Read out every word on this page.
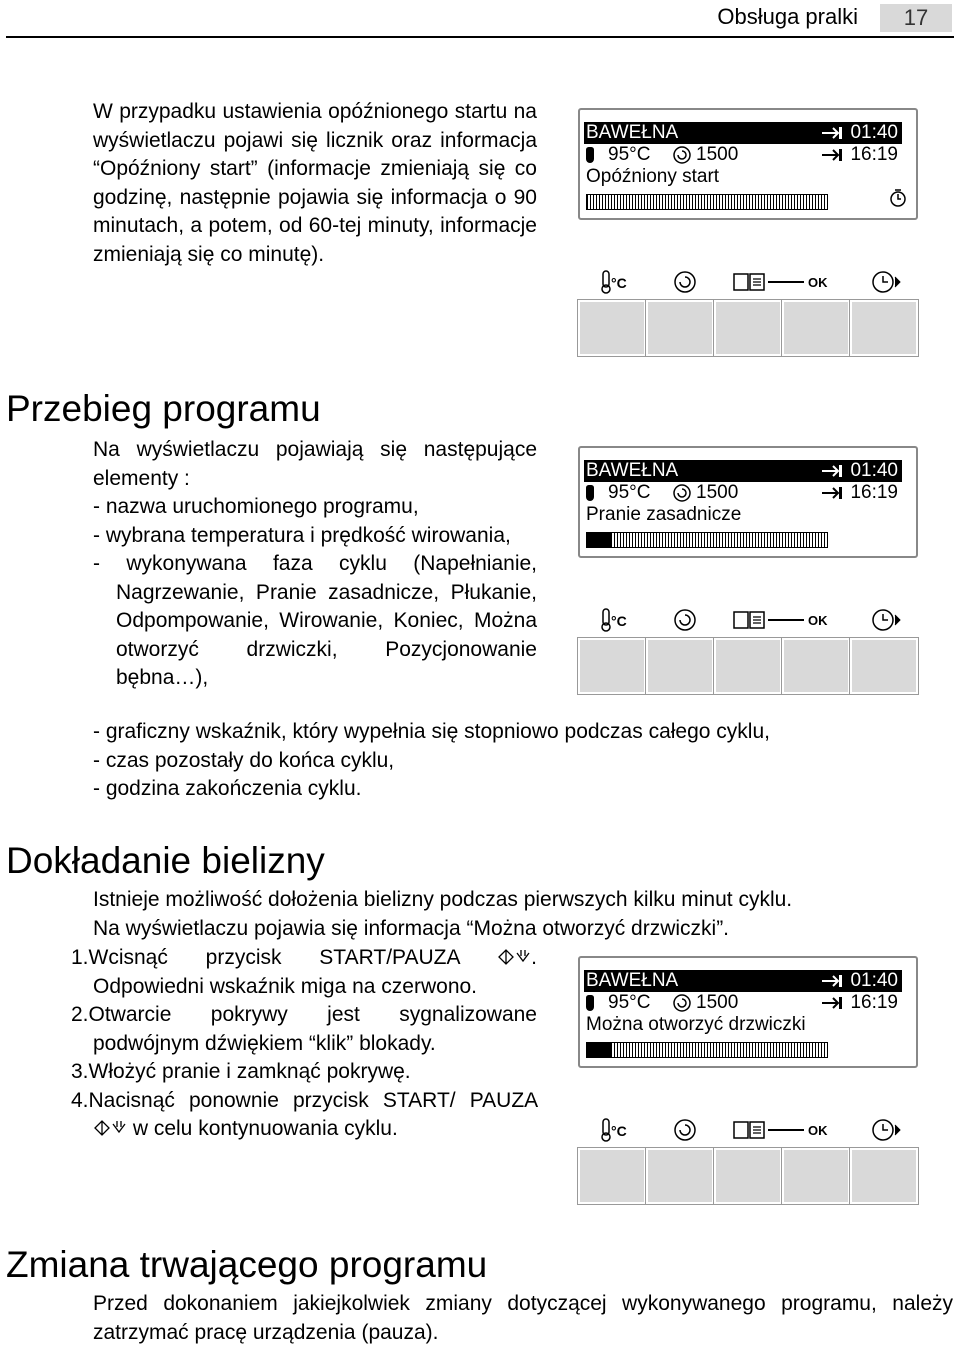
Obsługa pralki	17
W przypadku ustawienia opóźnionego startu na wyświetlaczu pojawi się licznik oraz informacja “Opóźniony start” (informacje zmieniają się co godzinę, następnie pojawia się informacja o 90 minutach, a potem, od 60-tej minuty, informacje zmieniają się co minutę).
BAWEŁNA	01:40
95°C 1500	16:19
Opóźniony start
°C	OK
BAWEŁNA	01:40
95°C 1500	16:19
Pranie zasadnicze
°C	OK
BAWEŁNA	01:40
95°C 1500	16:19
Można otworzyć drzwiczki
°C	OK
Przebieg programu
Na wyświetlaczu pojawiają się następujące elementy :
- nazwa uruchomionego programu,
- wybrana temperatura i prędkość wirowania,
- wykonywana faza cyklu (Napełnianie, Nagrzewanie, Pranie zasadnicze, Płukanie, Odpompowanie, Wirowanie, Koniec, Można otworzyć drzwiczki, Pozycjonowanie bębna…),
- graficzny wskaźnik, który wypełnia się stopniowo podczas całego cyklu,
- czas pozostały do końca cyklu,
- godzina zakończenia cyklu.
Dokładanie bielizny
Istnieje możliwość dołożenia bielizny podczas pierwszych kilku minut cyklu.
Na wyświetlaczu pojawia się informacja “Można otworzyć drzwiczki”.
1.Wcisnąć przycisk START/PAUZA	. Odpowiedni wskaźnik miga na czerwono.
2.Otwarcie pokrywy jest sygnalizowane podwójnym dźwiękiem “klik” blokady.
3.Włożyć pranie i zamknąć pokrywę.
4.Nacisnąć ponownie przycisk START/ PAUZA  w celu kontynuowania cyklu.
Zmiana trwającego programu
Przed dokonaniem jakiejkolwiek zmiany dotyczącej wykonywanego programu, należy zatrzymać pracę urządzenia (pauza).
